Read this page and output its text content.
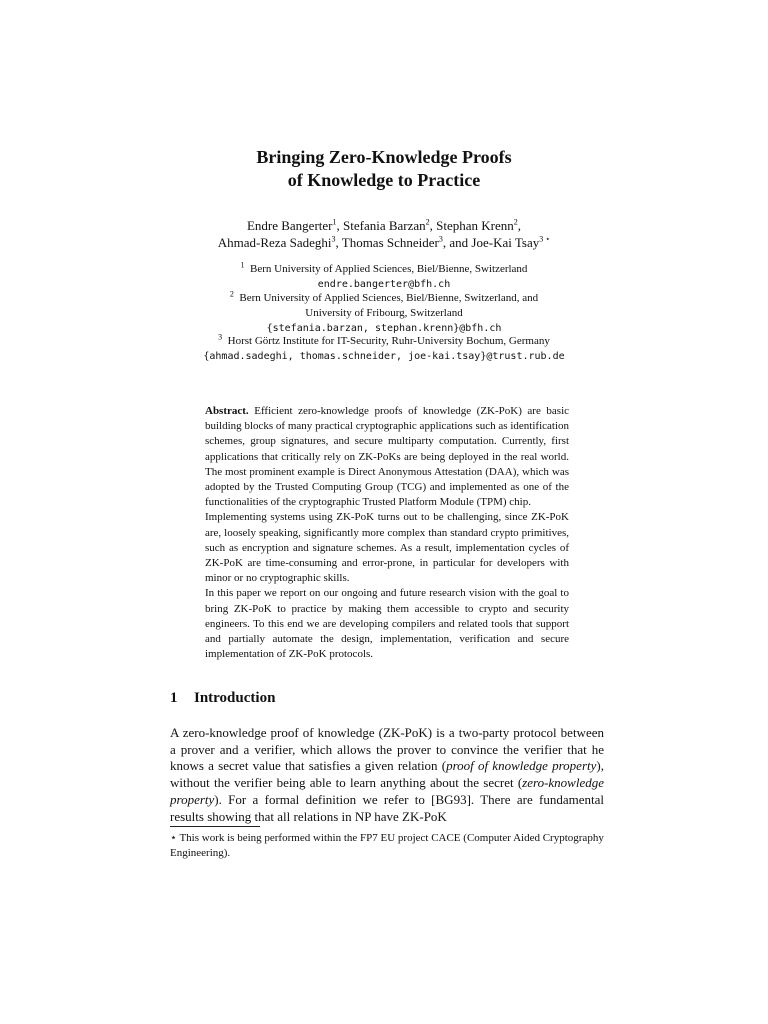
Bringing Zero-Knowledge Proofs
of Knowledge to Practice
Endre Bangerter$^1$, Stefania Barzan$^2$, Stephan Krenn$^2$,
Ahmad-Reza Sadeghi$^3$, Thomas Schneider$^3$, and Joe-Kai Tsay$^{3 ⋆}$
$^1$ Bern University of Applied Sciences, Biel/Bienne, Switzerland
endre.bangerter@bfh.ch
$^2$ Bern University of Applied Sciences, Biel/Bienne, Switzerland, and
University of Fribourg, Switzerland
{stefania.barzan, stephan.krenn}@bfh.ch
$^3$ Horst Görtz Institute for IT-Security, Ruhr-University Bochum, Germany
{ahmad.sadeghi, thomas.schneider, joe-kai.tsay}@trust.rub.de

Abstract. Efficient zero-knowledge proofs of knowledge (ZK-PoK) are basic building blocks of many practical cryptographic applications such as identification schemes, group signatures, and secure multiparty computation. Currently, first applications that critically rely on ZK-PoKs are being deployed in the real world. The most prominent example is Direct Anonymous Attestation (DAA), which was adopted by the Trusted Computing Group (TCG) and implemented as one of the functionalities of the cryptographic Trusted Platform Module (TPM) chip.

Implementing systems using ZK-PoK turns out to be challenging, since ZK-PoK are, loosely speaking, significantly more complex than standard crypto primitives, such as encryption and signature schemes. As a result, implementation cycles of ZK-PoK are time-consuming and error-prone, in particular for developers with minor or no cryptographic skills.

In this paper we report on our ongoing and future research vision with the goal to bring ZK-PoK to practice by making them accessible to crypto and security engineers. To this end we are developing compilers and related tools that support and partially automate the design, implementation, verification and secure implementation of ZK-PoK protocols.

1 Introduction

A zero-knowledge proof of knowledge (ZK-PoK) is a two-party protocol between a prover and a verifier, which allows the prover to convince the verifier that he knows a secret value that satisfies a given relation (proof of knowledge property), without the verifier being able to learn anything about the secret (zero-knowledge property). For a formal definition we refer to [BG93]. There are fundamental results showing that all relations in NP have ZK-PoK

⋆ This work is being performed within the FP7 EU project CACE (Computer Aided Cryptography Engineering).
